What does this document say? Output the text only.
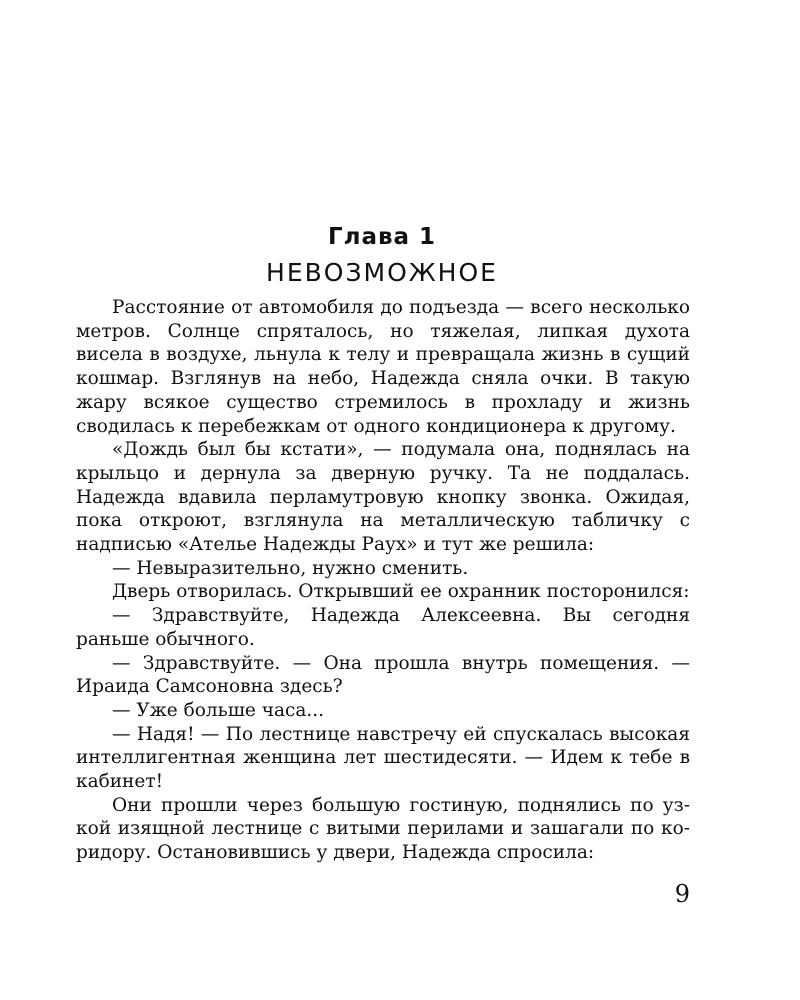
Глава 1
НЕВОЗМОЖНОЕ

Расстояние от автомобиля до подъезда — всего несколько метров. Солнце спряталось, но тяжелая, липкая духота висела в воздухе, льнула к телу и превращала жизнь в сущий кошмар. Взглянув на небо, Надежда сняла очки. В такую жару всякое существо стремилось в прохладу и жизнь сводилась к перебежкам от одного кондиционера к другому.

«Дождь был бы кстати», — подумала она, поднялась на крыльцо и дернула за дверную ручку. Та не поддалась. Надежда вдавила перламутровую кнопку звонка. Ожидая, пока откроют, взглянула на металлическую табличку с надписью «Ателье Надежды Раух» и тут же решила:

— Невыразительно, нужно сменить.

Дверь отворилась. Открывший ее охранник посторонился:

— Здравствуйте, Надежда Алексеевна. Вы сегодня раньше обычного.

— Здравствуйте. — Она прошла внутрь помещения. — Ираида Самсоновна здесь?

— Уже больше часа...

— Надя! — По лестнице навстречу ей спускалась высокая интеллигентная женщина лет шестидесяти. — Идем к тебе в кабинет!

Они прошли через большую гостиную, поднялись по узкой изящной лестнице с витыми перилами и зашагали по коридору. Остановившись у двери, Надежда спросила:

9
